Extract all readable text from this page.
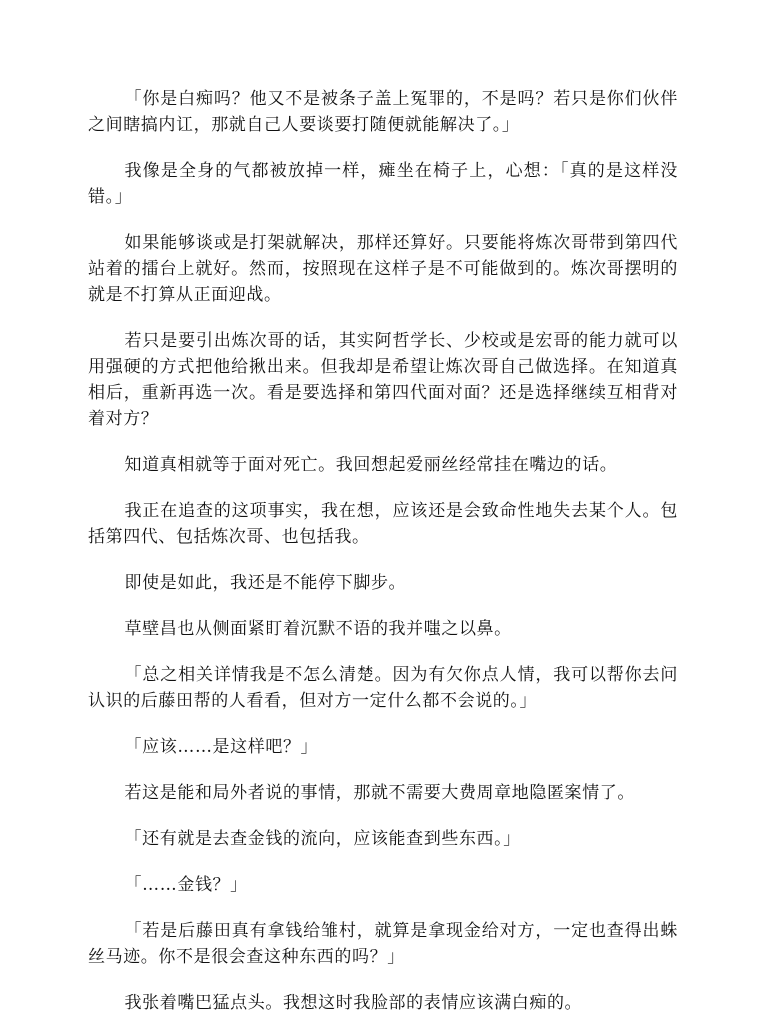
「你是白痴吗？他又不是被条子盖上冤罪的，不是吗？若只是你们伙伴之间瞎搞内讧，那就自己人要谈要打随便就能解决了。」

我像是全身的气都被放掉一样，瘫坐在椅子上，心想：「真的是这样没错。」

如果能够谈或是打架就解决，那样还算好。只要能将炼次哥带到第四代站着的擂台上就好。然而，按照现在这样子是不可能做到的。炼次哥摆明的就是不打算从正面迎战。

若只是要引出炼次哥的话，其实阿哲学长、少校或是宏哥的能力就可以用强硬的方式把他给揪出来。但我却是希望让炼次哥自己做选择。在知道真相后，重新再选一次。看是要选择和第四代面对面？还是选择继续互相背对着对方？

知道真相就等于面对死亡。我回想起爱丽丝经常挂在嘴边的话。

我正在追查的这项事实，我在想，应该还是会致命性地失去某个人。包括第四代、包括炼次哥、也包括我。

即使是如此，我还是不能停下脚步。

草壁昌也从侧面紧盯着沉默不语的我并嗤之以鼻。

「总之相关详情我是不怎么清楚。因为有欠你点人情，我可以帮你去问认识的后藤田帮的人看看，但对方一定什么都不会说的。」

「应该……是这样吧？」

若这是能和局外者说的事情，那就不需要大费周章地隐匿案情了。

「还有就是去查金钱的流向，应该能查到些东西。」

「……金钱？」

「若是后藤田真有拿钱给雏村，就算是拿现金给对方，一定也查得出蛛丝马迹。你不是很会查这种东西的吗？」

我张着嘴巴猛点头。我想这时我脸部的表情应该满白痴的。
